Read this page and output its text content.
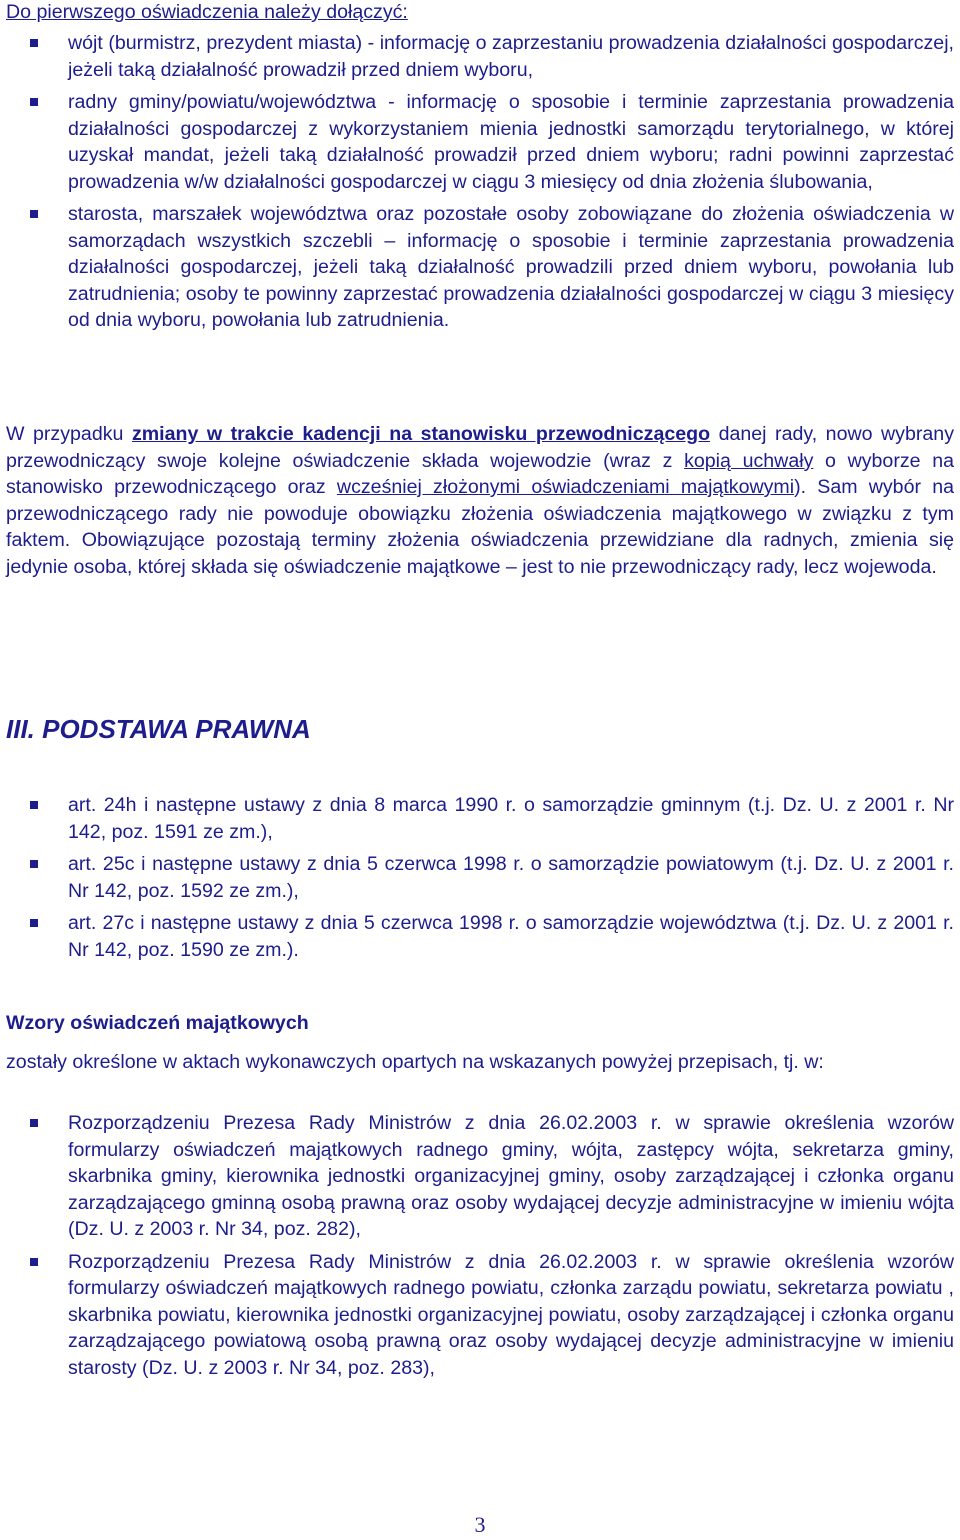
Do pierwszego oświadczenia należy dołączyć:
wójt (burmistrz, prezydent miasta) - informację o zaprzestaniu prowadzenia działalności gospodarczej, jeżeli taką działalność prowadził przed dniem wyboru,
radny gminy/powiatu/województwa - informację o sposobie i terminie zaprzestania prowadzenia działalności gospodarczej z wykorzystaniem mienia jednostki samorządu terytorialnego, w której uzyskał mandat, jeżeli taką działalność prowadził przed dniem wyboru; radni powinni zaprzestać prowadzenia w/w działalności gospodarczej w ciągu 3 miesięcy od dnia złożenia ślubowania,
starosta, marszałek województwa oraz pozostałe osoby zobowiązane do złożenia oświadczenia w samorządach wszystkich szczebli – informację o sposobie i terminie zaprzestania prowadzenia działalności gospodarczej, jeżeli taką działalność prowadzili przed dniem wyboru, powołania lub zatrudnienia; osoby te powinny zaprzestać prowadzenia działalności gospodarczej w ciągu 3 miesięcy od dnia wyboru, powołania lub zatrudnienia.

W przypadku zmiany w trakcie kadencji na stanowisku przewodniczącego danej rady, nowo wybrany przewodniczący swoje kolejne oświadczenie składa wojewodzie (wraz z kopią uchwały o wyborze na stanowisko przewodniczącego oraz wcześniej złożonymi oświadczeniami majątkowymi). Sam wybór na przewodniczącego rady nie powoduje obowiązku złożenia oświadczenia majątkowego w związku z tym faktem. Obowiązujące pozostają terminy złożenia oświadczenia przewidziane dla radnych, zmienia się jedynie osoba, której składa się oświadczenie majątkowe – jest to nie przewodniczący rady, lecz wojewoda.

III. PODSTAWA PRAWNA
art. 24h i następne ustawy z dnia 8 marca 1990 r. o samorządzie gminnym (t.j. Dz. U. z 2001 r. Nr 142, poz. 1591 ze zm.),
art. 25c i następne ustawy z dnia 5 czerwca 1998 r. o samorządzie powiatowym (t.j. Dz. U. z 2001 r. Nr 142, poz. 1592 ze zm.),
art. 27c i następne ustawy z dnia 5 czerwca 1998 r. o samorządzie województwa (t.j. Dz. U. z 2001 r. Nr 142, poz. 1590 ze zm.).
Wzory oświadczeń majątkowych

zostały określone w aktach wykonawczych opartych na wskazanych powyżej przepisach, tj. w:

Rozporządzeniu Prezesa Rady Ministrów z dnia 26.02.2003 r. w sprawie określenia wzorów formularzy oświadczeń majątkowych radnego gminy, wójta, zastępcy wójta, sekretarza gminy, skarbnika gminy, kierownika jednostki organizacyjnej gminy, osoby zarządzającej i członka organu zarządzającego gminną osobą prawną oraz osoby wydającej decyzje administracyjne w imieniu wójta (Dz. U. z 2003 r. Nr 34, poz. 282),
Rozporządzeniu Prezesa Rady Ministrów z dnia 26.02.2003 r. w sprawie określenia wzorów formularzy oświadczeń majątkowych radnego powiatu, członka zarządu powiatu, sekretarza powiatu , skarbnika powiatu, kierownika jednostki organizacyjnej powiatu, osoby zarządzającej i członka organu zarządzającego powiatową osobą prawną oraz osoby wydającej decyzje administracyjne w imieniu starosty (Dz. U. z 2003 r. Nr 34, poz. 283),
3
